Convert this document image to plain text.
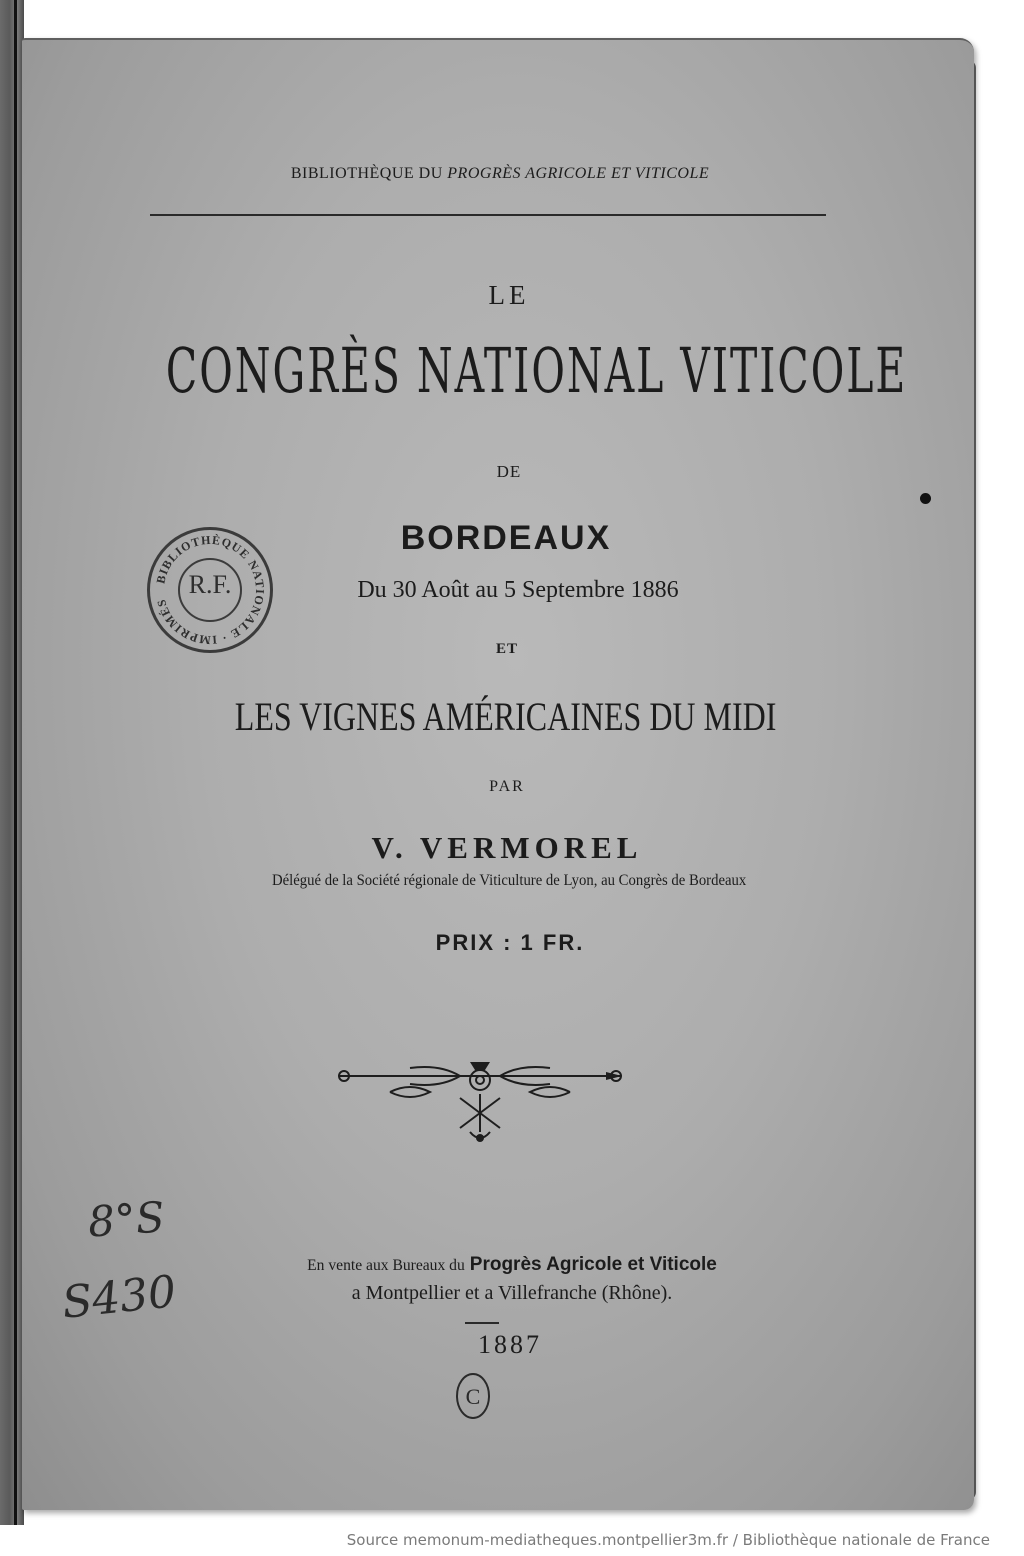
BIBLIOTHÈQUE DU PROGRÈS AGRICOLE ET VITICOLE
LE
CONGRÈS NATIONAL VITICOLE
DE
BORDEAUX
Du 30 Août au 5 Septembre 1886
ET
LES VIGNES AMÉRICAINES DU MIDI
PAR
V. VERMOREL
Délégué de la Société régionale de Viticulture de Lyon, au Congrès de Bordeaux
PRIX : 1 FR.
BIBLIOTHÈQUE NATIONALE · IMPRIMÉS
R.F.
8°S
S430
En vente aux Bureaux du Progrès Agricole et Viticole
a Montpellier et a Villefranche (Rhône).
1887
C
Source memonum-mediatheques.montpellier3m.fr / Bibliothèque nationale de France
